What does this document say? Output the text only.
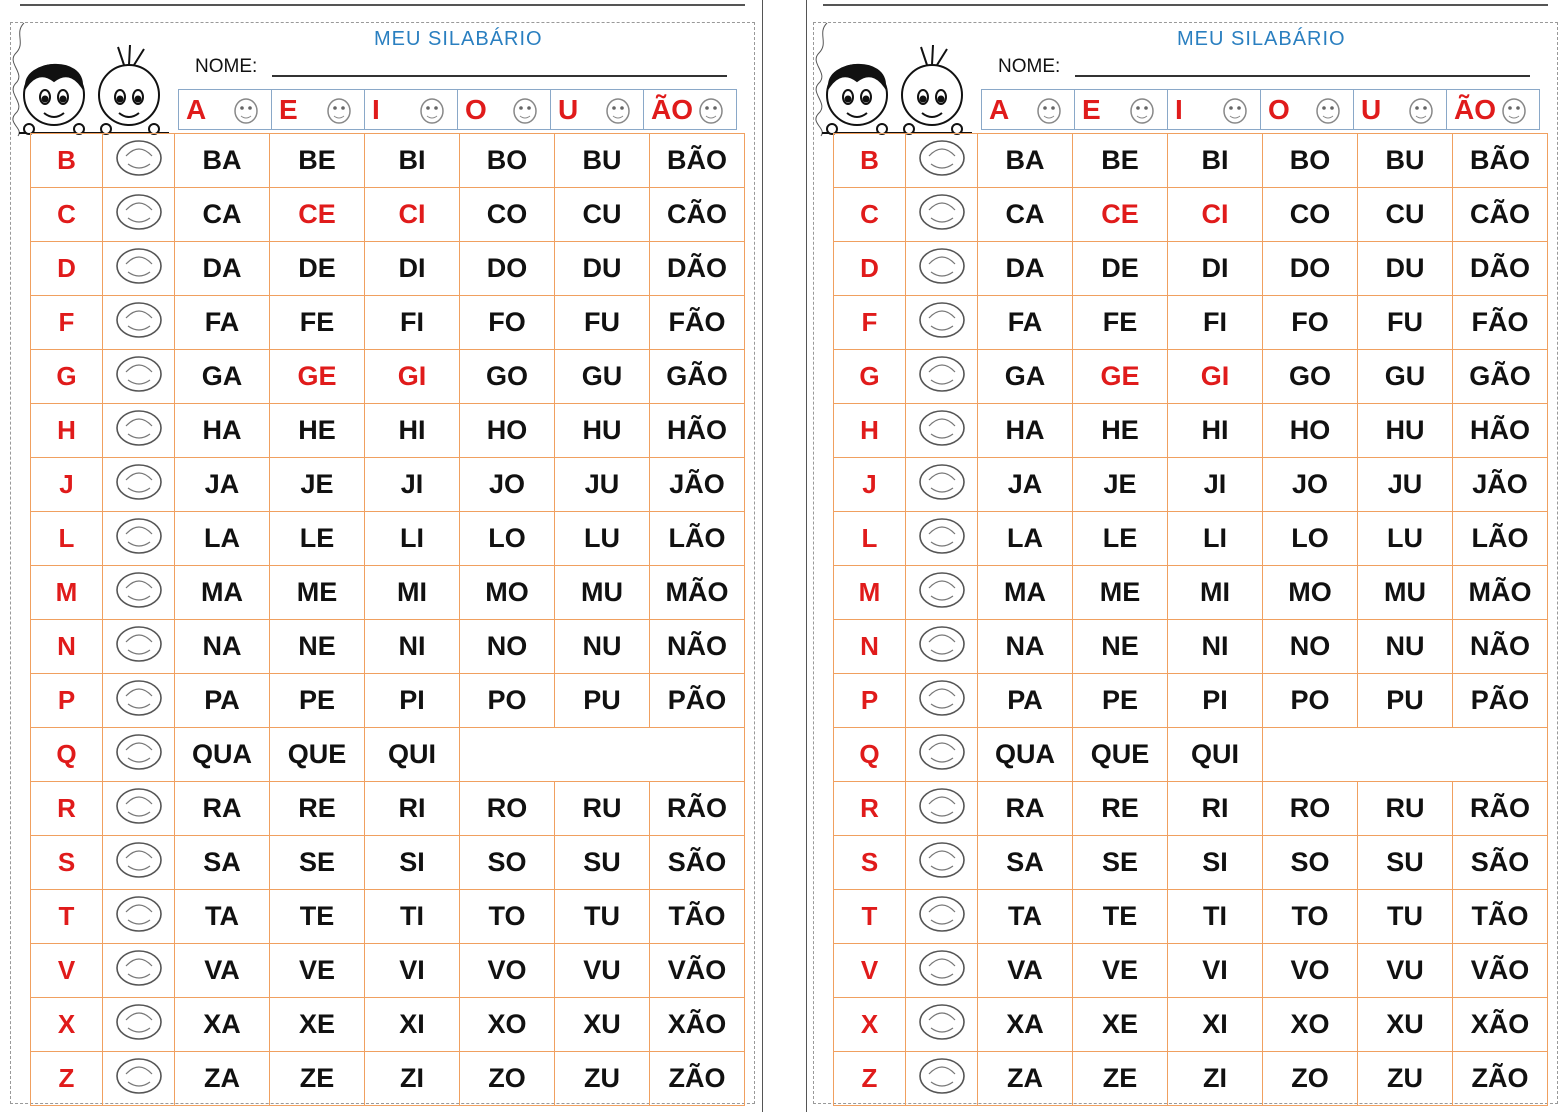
MEU SILABÁRIO
NOME:
A	E	I	O	U	ÃO
B		BA	BE	BI	BO	BU	BÃO
C		CA	CE	CI	CO	CU	CÃO
D		DA	DE	DI	DO	DU	DÃO
F		FA	FE	FI	FO	FU	FÃO
G		GA	GE	GI	GO	GU	GÃO
H		HA	HE	HI	HO	HU	HÃO
J		JA	JE	JI	JO	JU	JÃO
L		LA	LE	LI	LO	LU	LÃO
M		MA	ME	MI	MO	MU	MÃO
N		NA	NE	NI	NO	NU	NÃO
P		PA	PE	PI	PO	PU	PÃO
Q		QUA	QUE	QUI			
R		RA	RE	RI	RO	RU	RÃO
S		SA	SE	SI	SO	SU	SÃO
T		TA	TE	TI	TO	TU	TÃO
V		VA	VE	VI	VO	VU	VÃO
X		XA	XE	XI	XO	XU	XÃO
Z		ZA	ZE	ZI	ZO	ZU	ZÃO
MEU SILABÁRIO
NOME:
A	E	I	O	U	ÃO
B		BA	BE	BI	BO	BU	BÃO
C		CA	CE	CI	CO	CU	CÃO
D		DA	DE	DI	DO	DU	DÃO
F		FA	FE	FI	FO	FU	FÃO
G		GA	GE	GI	GO	GU	GÃO
H		HA	HE	HI	HO	HU	HÃO
J		JA	JE	JI	JO	JU	JÃO
L		LA	LE	LI	LO	LU	LÃO
M		MA	ME	MI	MO	MU	MÃO
N		NA	NE	NI	NO	NU	NÃO
P		PA	PE	PI	PO	PU	PÃO
Q		QUA	QUE	QUI			
R		RA	RE	RI	RO	RU	RÃO
S		SA	SE	SI	SO	SU	SÃO
T		TA	TE	TI	TO	TU	TÃO
V		VA	VE	VI	VO	VU	VÃO
X		XA	XE	XI	XO	XU	XÃO
Z		ZA	ZE	ZI	ZO	ZU	ZÃO
